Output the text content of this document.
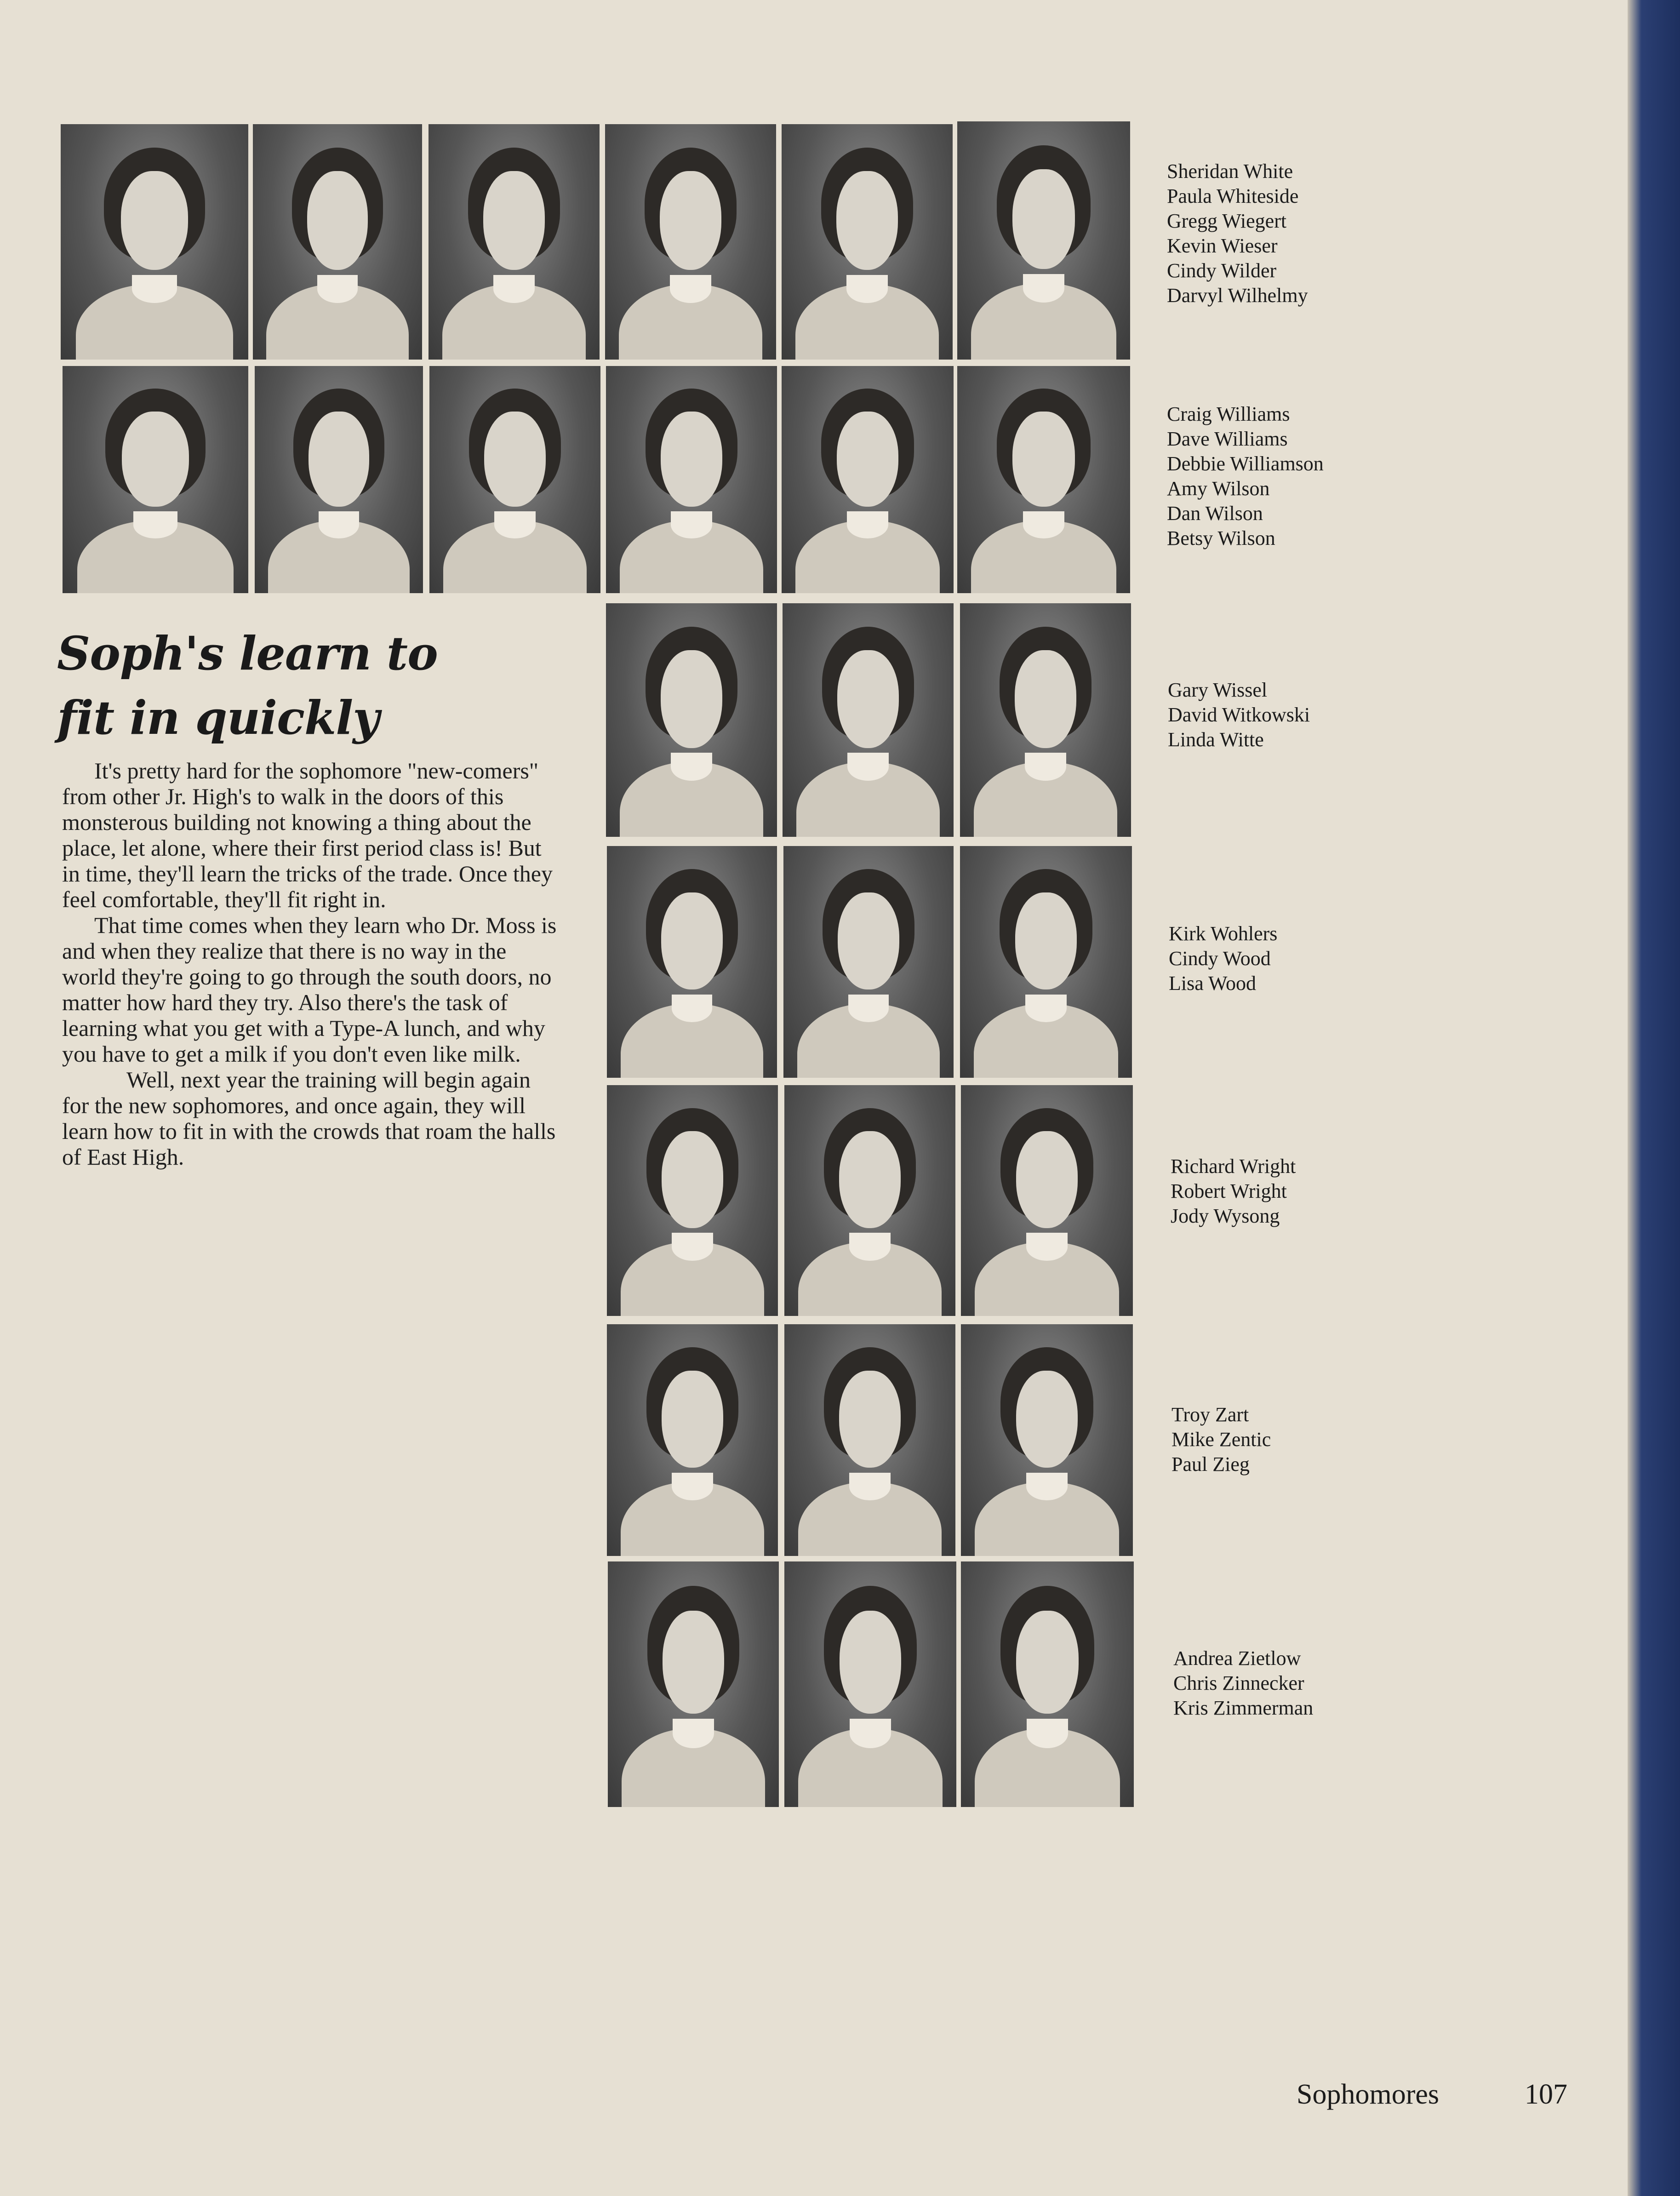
Sheridan White
Paula Whiteside
Gregg Wiegert
Kevin Wieser
Cindy Wilder
Darvyl Wilhelmy
Craig Williams
Dave Williams
Debbie Williamson
Amy Wilson
Dan Wilson
Betsy Wilson
Gary Wissel
David Witkowski
Linda Witte
Kirk Wohlers
Cindy Wood
Lisa Wood
Richard Wright
Robert Wright
Jody Wysong
Troy Zart
Mike Zentic
Paul Zieg
Andrea Zietlow
Chris Zinnecker
Kris Zimmerman
Soph's learn to
fit in quickly

It's pretty hard for the sophomore "new-comers" from other Jr. High's to walk in the doors of this monsterous building not knowing a thing about the place, let alone, where their first period class is! But in time, they'll learn the tricks of the trade. Once they feel comfortable, they'll fit right in.

That time comes when they learn who Dr. Moss is and when they realize that there is no way in the world they're going to go through the south doors, no matter how hard they try. Also there's the task of learning what you get with a Type-A lunch, and why you have to get a milk if you don't even like milk.

Well, next year the training will begin again for the new sophomores, and once again, they will learn how to fit in with the crowds that roam the halls of East High.

Sophomores	107
